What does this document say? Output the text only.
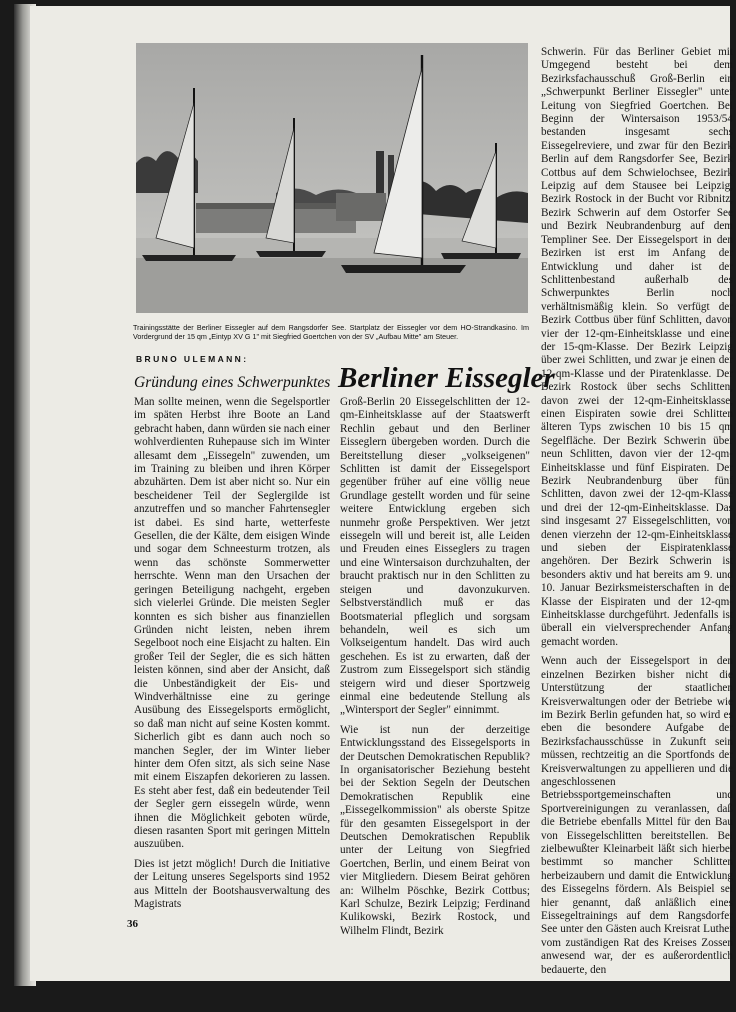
Trainingsstätte der Berliner Eissegler auf dem Rangsdorfer See. Startplatz der Eissegler vor dem HO-Strandkasino. Im Vordergrund der 15 qm „Eintyp XV G 1" mit Siegfried Goertchen von der SV „Aufbau Mitte" am Steuer.
BRUNO ULEMANN:
Gründung eines Schwerpunktes Berliner Eissegler

Man sollte meinen, wenn die Segelsportler im späten Herbst ihre Boote an Land gebracht haben, dann würden sie nach einer wohlverdienten Ruhepause sich im Winter allesamt dem „Eissegeln" zuwenden, um im Training zu bleiben und ihren Körper abzuhärten. Dem ist aber nicht so. Nur ein bescheidener Teil der Seglergilde ist anzutreffen und so mancher Fahrtensegler ist dabei. Es sind harte, wetterfeste Gesellen, die der Kälte, dem eisigen Winde und sogar dem Schneesturm trotzen, als wenn das schönste Sommerwetter herrschte. Wenn man den Ursachen der geringen Beteiligung nachgeht, ergeben sich vielerlei Gründe. Die meisten Segler konnten es sich bisher aus finanziellen Gründen nicht leisten, neben ihrem Segelboot noch eine Eisjacht zu halten. Ein großer Teil der Segler, die es sich hätten leisten können, sind aber der Ansicht, daß die Unbeständigkeit der Eis- und Windverhältnisse eine zu geringe Ausübung des Eissegelsports ermöglicht, so daß man nicht auf seine Kosten kommt. Sicherlich gibt es dann auch noch so manchen Segler, der im Winter lieber hinter dem Ofen sitzt, als sich seine Nase mit einem Eiszapfen dekorieren zu lassen. Es steht aber fest, daß ein bedeutender Teil der Segler gern eissegeln würde, wenn ihnen die Möglichkeit geboten würde, diesen rasanten Sport mit geringen Mitteln auszuüben.

Dies ist jetzt möglich! Durch die Initiative der Leitung unseres Segelsports sind 1952 aus Mitteln der Bootshausverwaltung des Magistrats

Groß-Berlin 20 Eissegelschlitten der 12-qm-Einheitsklasse auf der Staatswerft Rechlin gebaut und den Berliner Eisseglern übergeben worden. Durch die Bereitstellung dieser „volkseigenen" Schlitten ist damit der Eissegelsport gegenüber früher auf eine völlig neue Grundlage gestellt worden und für seine weitere Entwicklung ergeben sich nunmehr große Perspektiven. Wer jetzt eissegeln will und bereit ist, alle Leiden und Freuden eines Eisseglers zu tragen und eine Wintersaison durchzuhalten, der braucht praktisch nur in den Schlitten zu steigen und davonzukurven. Selbstverständlich muß er das Bootsmaterial pfleglich und sorgsam behandeln, weil es sich um Volkseigentum handelt. Das wird auch geschehen. Es ist zu erwarten, daß der Zustrom zum Eissegelsport sich ständig steigern wird und dieser Sportzweig einmal eine bedeutende Stellung als „Wintersport der Segler" einnimmt.

Wie ist nun der derzeitige Entwicklungsstand des Eissegelsports in der Deutschen Demokratischen Republik? In organisatorischer Beziehung besteht bei der Sektion Segeln der Deutschen Demokratischen Republik eine „Eissegelkommission" als oberste Spitze für den gesamten Eissegelsport in der Deutschen Demokratischen Republik unter der Leitung von Siegfried Goertchen, Berlin, und einem Beirat von vier Mitgliedern. Diesem Beirat gehören an: Wilhelm Pöschke, Bezirk Cottbus; Karl Schulze, Bezirk Leipzig; Ferdinand Kulikowski, Bezirk Rostock, und Wilhelm Flindt, Bezirk

Schwerin. Für das Berliner Gebiet mit Umgegend besteht bei dem Bezirksfachausschuß Groß-Berlin ein „Schwerpunkt Berliner Eissegler" unter Leitung von Siegfried Goertchen. Bei Beginn der Wintersaison 1953/54 bestanden insgesamt sechs Eissegelreviere, und zwar für den Bezirk Berlin auf dem Rangsdorfer See, Bezirk Cottbus auf dem Schwielochsee, Bezirk Leipzig auf dem Stausee bei Leipzig, Bezirk Rostock in der Bucht vor Ribnitz, Bezirk Schwerin auf dem Ostorfer See und Bezirk Neubrandenburg auf dem Templiner See. Der Eissegelsport in den Bezirken ist erst im Anfang der Entwicklung und daher ist der Schlittenbestand außerhalb des Schwerpunktes Berlin noch verhältnismäßig klein. So verfügt der Bezirk Cottbus über fünf Schlitten, davon vier der 12-qm-Einheitsklasse und einer der 15-qm-Klasse. Der Bezirk Leipzig über zwei Schlitten, und zwar je einen der 12-qm-Klasse und der Piratenklasse. Der Bezirk Rostock über sechs Schlitten, davon zwei der 12-qm-Einheitsklasse, einen Eispiraten sowie drei Schlitten älteren Typs zwischen 10 bis 15 qm Segelfläche. Der Bezirk Schwerin über neun Schlitten, davon vier der 12-qm-Einheitsklasse und fünf Eispiraten. Der Bezirk Neubrandenburg über fünf Schlitten, davon zwei der 12-qm-Klasse und drei der 12-qm-Einheitsklasse. Das sind insgesamt 27 Eissegelschlitten, von denen vierzehn der 12-qm-Einheitsklasse und sieben der Eispiratenklasse angehören. Der Bezirk Schwerin ist besonders aktiv und hat bereits am 9. und 10. Januar Bezirksmeisterschaften in der Klasse der Eispiraten und der 12-qm-Einheitsklasse durchgeführt. Jedenfalls ist überall ein vielversprechender Anfang gemacht worden.

Wenn auch der Eissegelsport in den einzelnen Bezirken bisher nicht die Unterstützung der staatlichen Kreisverwaltungen oder der Betriebe wie im Bezirk Berlin gefunden hat, so wird es eben die besondere Aufgabe der Bezirksfachausschüsse in Zukunft sein müssen, rechtzeitig an die Sportfonds der Kreisverwaltungen zu appellieren und die angeschlossenen Betriebssportgemeinschaften und Sportvereinigungen zu veranlassen, daß die Betriebe ebenfalls Mittel für den Bau von Eissegelschlitten bereitstellen. Bei zielbewußter Kleinarbeit läßt sich hierbei bestimmt so mancher Schlitten herbeizaubern und damit die Entwicklung des Eissegelns fördern. Als Beispiel sei hier genannt, daß anläßlich eines Eissegeltrainings auf dem Rangsdorfer See unter den Gästen auch Kreisrat Luther vom zuständigen Rat des Kreises Zossen anwesend war, der es außerordentlich bedauerte, den

36
